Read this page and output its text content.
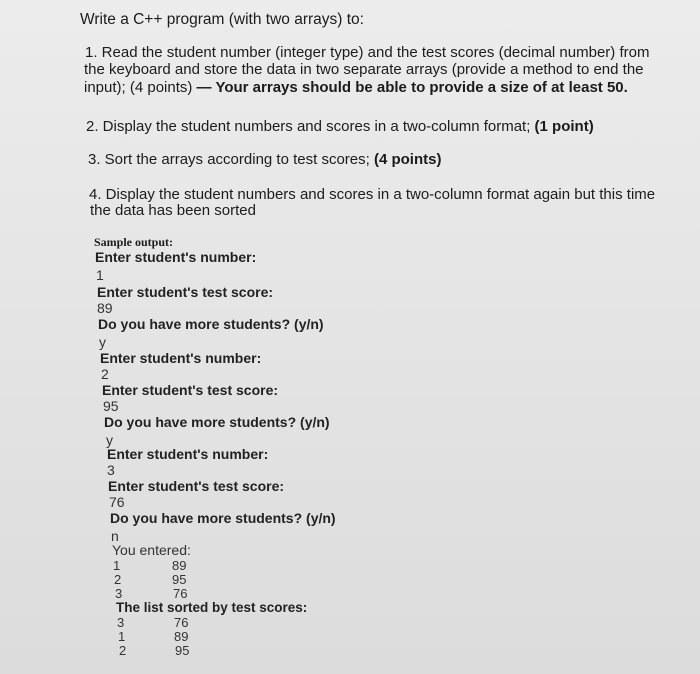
Write a C++ program (with two arrays) to:
1. Read the student number (integer type) and the test scores (decimal number) from
the keyboard and store the data in two separate arrays (provide a method to end the
input); (4 points) — Your arrays should be able to provide a size of at least 50.
2. Display the student numbers and scores in a two-column format; (1 point)
3. Sort the arrays according to test scores; (4 points)
4. Display the student numbers and scores in a two-column format again but this time
the data has been sorted
Sample output:
Enter student's number:
1
Enter student's test score:
89
Do you have more students? (y/n)
y
Enter student's number:
2
Enter student's test score:
95
Do you have more students? (y/n)
y
Enter student's number:
3
Enter student's test score:
76
Do you have more students? (y/n)
n
You entered:
1	89
2	95
3	76
The list sorted by test scores:
3	76
1	89
2	95
